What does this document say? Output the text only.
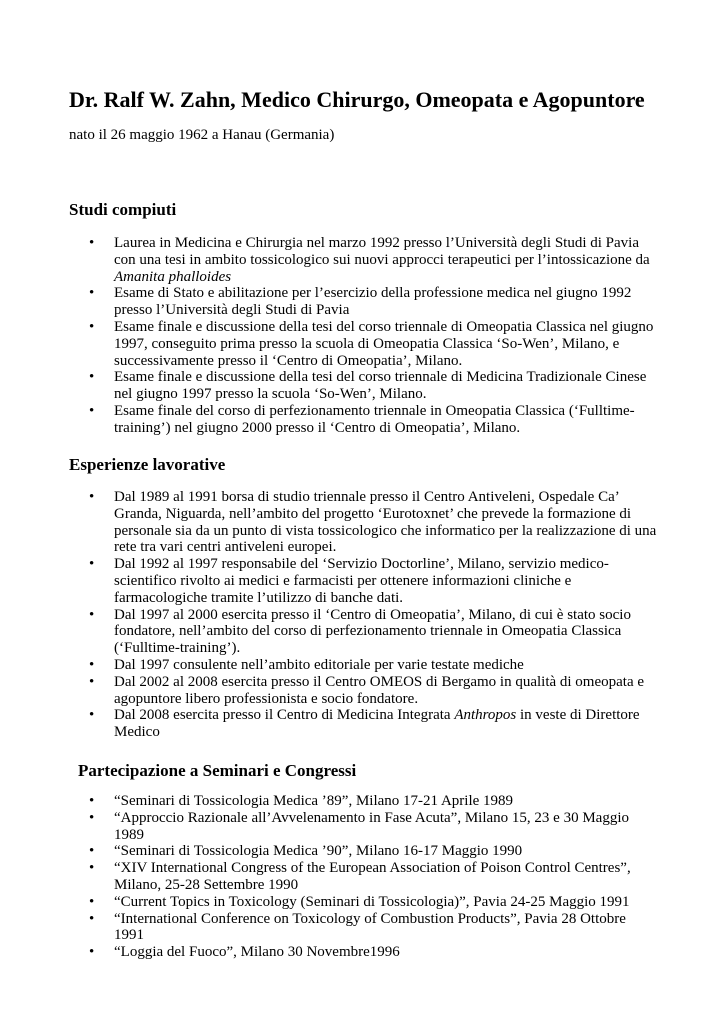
Dr. Ralf W. Zahn, Medico Chirurgo, Omeopata e Agopuntore

nato il 26 maggio 1962 a Hanau (Germania)

Studi compiuti
• Laurea in Medicina e Chirurgia nel marzo 1992 presso l’Università degli Studi di Pavia con una tesi in ambito tossicologico sui nuovi approcci terapeutici per l’intossicazione da Amanita phalloides
• Esame di Stato e abilitazione per l’esercizio della professione medica nel giugno 1992 presso l’Università degli Studi di Pavia
• Esame finale e discussione della tesi del corso triennale di Omeopatia Classica nel giugno 1997, conseguito prima presso la scuola di Omeopatia Classica ‘So-Wen’, Milano, e successivamente presso il ‘Centro di Omeopatia’, Milano.
• Esame finale e discussione della tesi del corso triennale di Medicina Tradizionale Cinese nel giugno 1997 presso la scuola ‘So-Wen’, Milano.
• Esame finale del corso di perfezionamento triennale in Omeopatia Classica (‘Fulltime-training’) nel giugno 2000 presso il ‘Centro di Omeopatia’, Milano.
Esperienze lavorative
• Dal 1989 al 1991 borsa di studio triennale presso il Centro Antiveleni, Ospedale Ca’ Granda, Niguarda, nell’ambito del progetto ‘Eurotoxnet’ che prevede la formazione di personale sia da un punto di vista tossicologico che informatico per la realizzazione di una rete tra vari centri antiveleni europei.
• Dal 1992 al 1997 responsabile del ‘Servizio Doctorline’, Milano, servizio medico-scientifico rivolto ai medici e farmacisti per ottenere informazioni cliniche e farmacologiche tramite l’utilizzo di banche dati.
• Dal 1997 al 2000 esercita presso il ‘Centro di Omeopatia’, Milano, di cui è stato socio fondatore, nell’ambito del corso di perfezionamento triennale in Omeopatia Classica (‘Fulltime-training’).
• Dal 1997 consulente nell’ambito editoriale per varie testate mediche
• Dal 2002 al 2008 esercita presso il Centro OMEOS di Bergamo in qualità di omeopata e agopuntore libero professionista e socio fondatore.
• Dal 2008 esercita presso il Centro di Medicina Integrata Anthropos in veste di Direttore Medico
Partecipazione a Seminari e Congressi
• “Seminari di Tossicologia Medica ’89”, Milano 17-21 Aprile 1989
• “Approccio Razionale all’Avvelenamento in Fase Acuta”, Milano 15, 23 e 30 Maggio 1989
• “Seminari di Tossicologia Medica ’90”, Milano 16-17 Maggio 1990
• “XIV International Congress of the European Association of Poison Control Centres”, Milano, 25-28 Settembre 1990
• “Current Topics in Toxicology (Seminari di Tossicologia)”, Pavia 24-25 Maggio 1991
• “International Conference on Toxicology of Combustion Products”, Pavia 28 Ottobre 1991
• “Loggia del Fuoco”, Milano 30 Novembre1996
